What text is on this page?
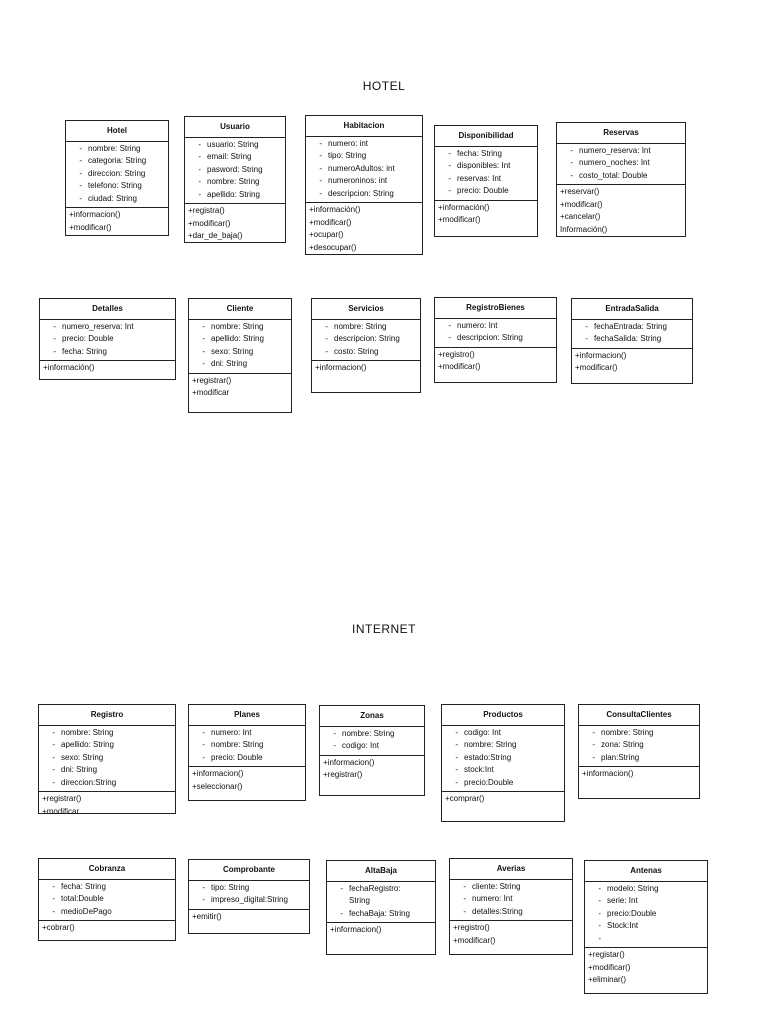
HOTEL
INTERNET
Hotel
- nombre: String
- categoria: String
- direccion: String
- telefono: String
- ciudad: String
+informacion()
+modificar()
Usuario
- usuario: String
- email: String
- pasword: String
- nombre: String
- apellido: String
+registra()
+modificar()
+dar_de_baja()
Habitacion
- numero: int
- tipo: String
- numeroAdultos: int
- numeroninos: int
- descripcion: String
+información()
+modificar()
+ocupar()
+desocupar()
Disponibilidad
- fecha: String
- disponibles: Int
- reservas: Int
- precio: Double
+información()
+modificar()
Reservas
- numero_reserva: Int
- numero_noches: Int
- costo_total: Double
+reservar()
+modificar()
+cancelar()
Información()
Detalles
- numero_reserva: Int
- precio: Double
- fecha: String
+información()
Cliente
- nombre: String
- apellido: String
- sexo: String
- dni: String
+registrar()
+modificar
Servicios
- nombre: String
- descripcion: String
- costo: String
+informacion()
RegistroBienes
- numero: Int
- descripcion: String
+registro()
+modificar()
EntradaSalida
- fechaEntrada: String
- fechaSalida: String
+informacion()
+modificar()
Registro
- nombre: String
- apellido: String
- sexo: String
- dni: String
- direccion:String
+registrar()
+modificar
Planes
- numero: Int
- nombre: String
- precio: Double
+informacion()
+seleccionar()
Zonas
- nombre: String
- codigo: Int
+informacion()
+registrar()
Productos
- codigo: Int
- nombre: String
- estado:String
- stock:Int
- precio:Double
+comprar()
ConsultaClientes
- nombre: String
- zona: String
- plan:String
+informacion()
Cobranza
- fecha: String
- total:Double
- medioDePago
+cobrar()
Comprobante
- tipo: String
- impreso_digital:String
+emitir()
AltaBaja
- fechaRegistro:
String
- fechaBaja: String
+informacion()
Averias
- cliente: String
- numero: Int
- detalles:String
+registro()
+modificar()
Antenas
- modelo: String
- serie: Int
- precio:Double
- Stock:Int
-
+registar()
+modificar()
+eliminar()
